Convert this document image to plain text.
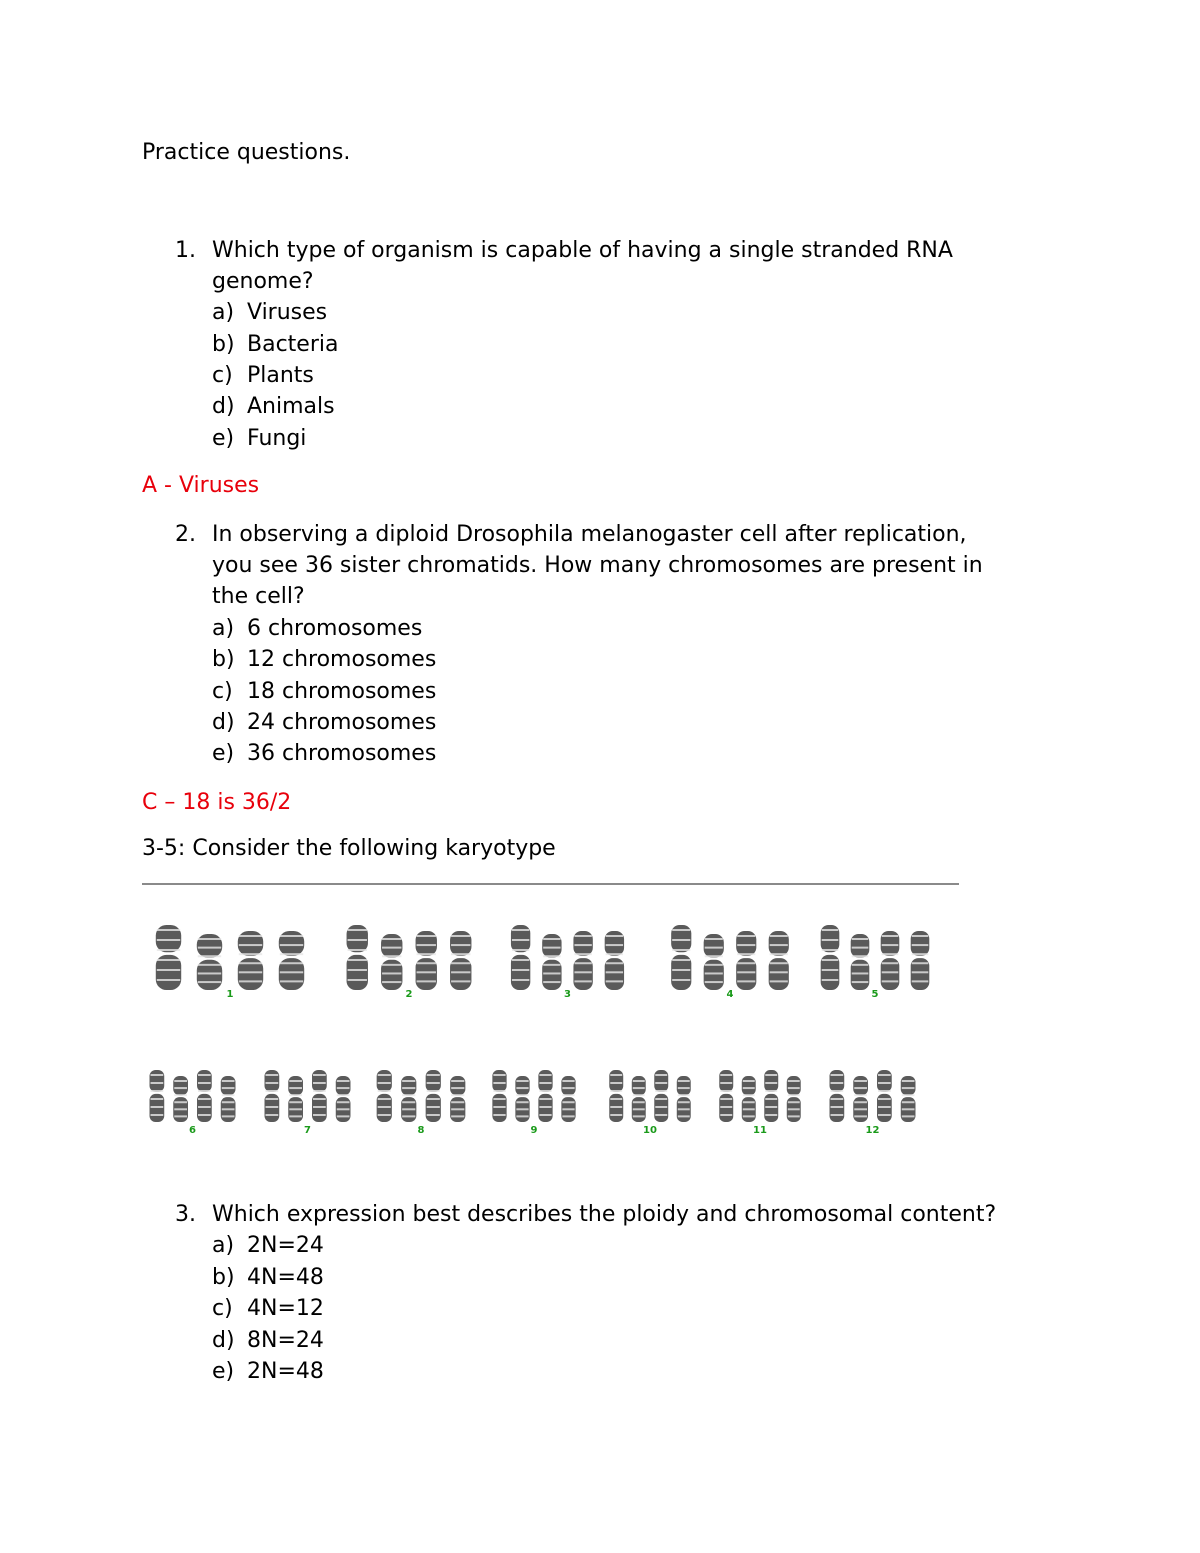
Practice questions.
1. Which type of organism is capable of having a single stranded RNA
genome?
a) Viruses
b) Bacteria
c) Plants
d) Animals
e) Fungi
A - Viruses
2. In observing a diploid Drosophila melanogaster cell after replication,
you see 36 sister chromatids. How many chromosomes are present in
the cell?
a) 6 chromosomes
b) 12 chromosomes
c) 18 chromosomes
d) 24 chromosomes
e) 36 chromosomes
C – 18 is 36/2
3-5: Consider the following karyotype
1	2	3	4	5
6	7	8	9	10	11	12
3. Which expression best describes the ploidy and chromosomal content?
a) 2N=24
b) 4N=48
c) 4N=12
d) 8N=24
e) 2N=48
